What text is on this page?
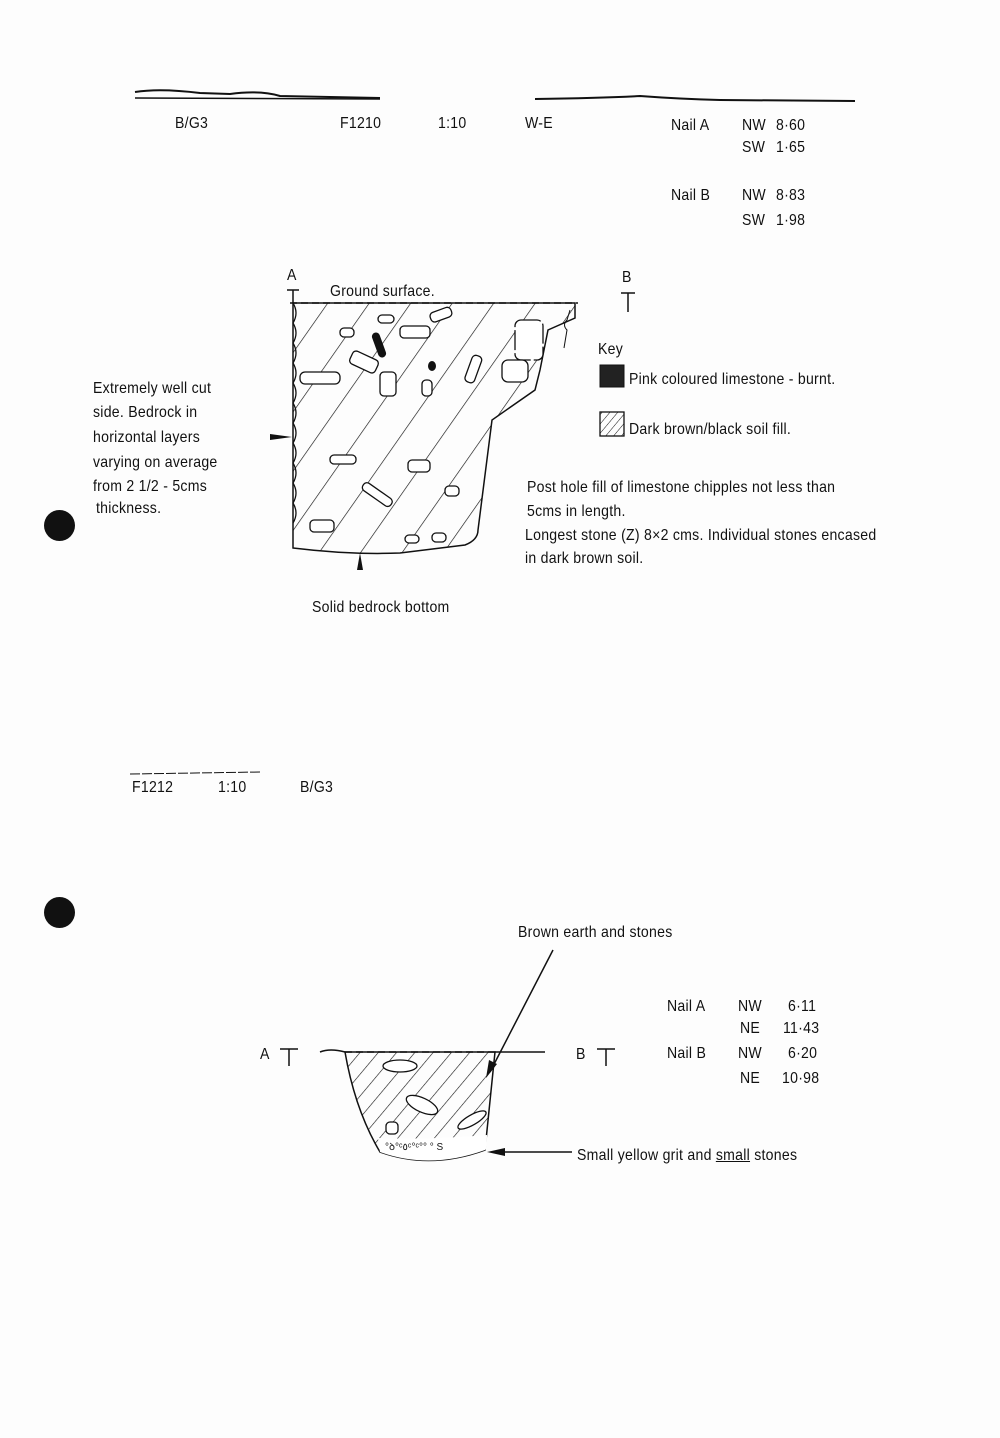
°ꝺ°ᶜ٥ᶜ°ᶜ°° ° S
B/G3	F1210	1:10	W-E	Nail A NW 8·60
SW 1·65
Nail B NW 8·83
SW 1·98
A	B
Ground surface.
Key
Pink coloured limestone - burnt.
Dark brown/black soil fill.
Extremely well cut
side. Bedrock in
horizontal layers
varying on average
from 2 1/2 - 5cms
thickness.
Post hole fill of limestone chipples not less than
5cms in length.
Longest stone (Z) 8×2 cms. Individual stones encased
in dark brown soil.
Solid bedrock bottom
F1212	1:10	B/G3
Brown earth and stones
A	B
Nail A NW 6·11
NE 11·43
Nail B NW 6·20
NE 10·98
Small yellow grit and small stones
